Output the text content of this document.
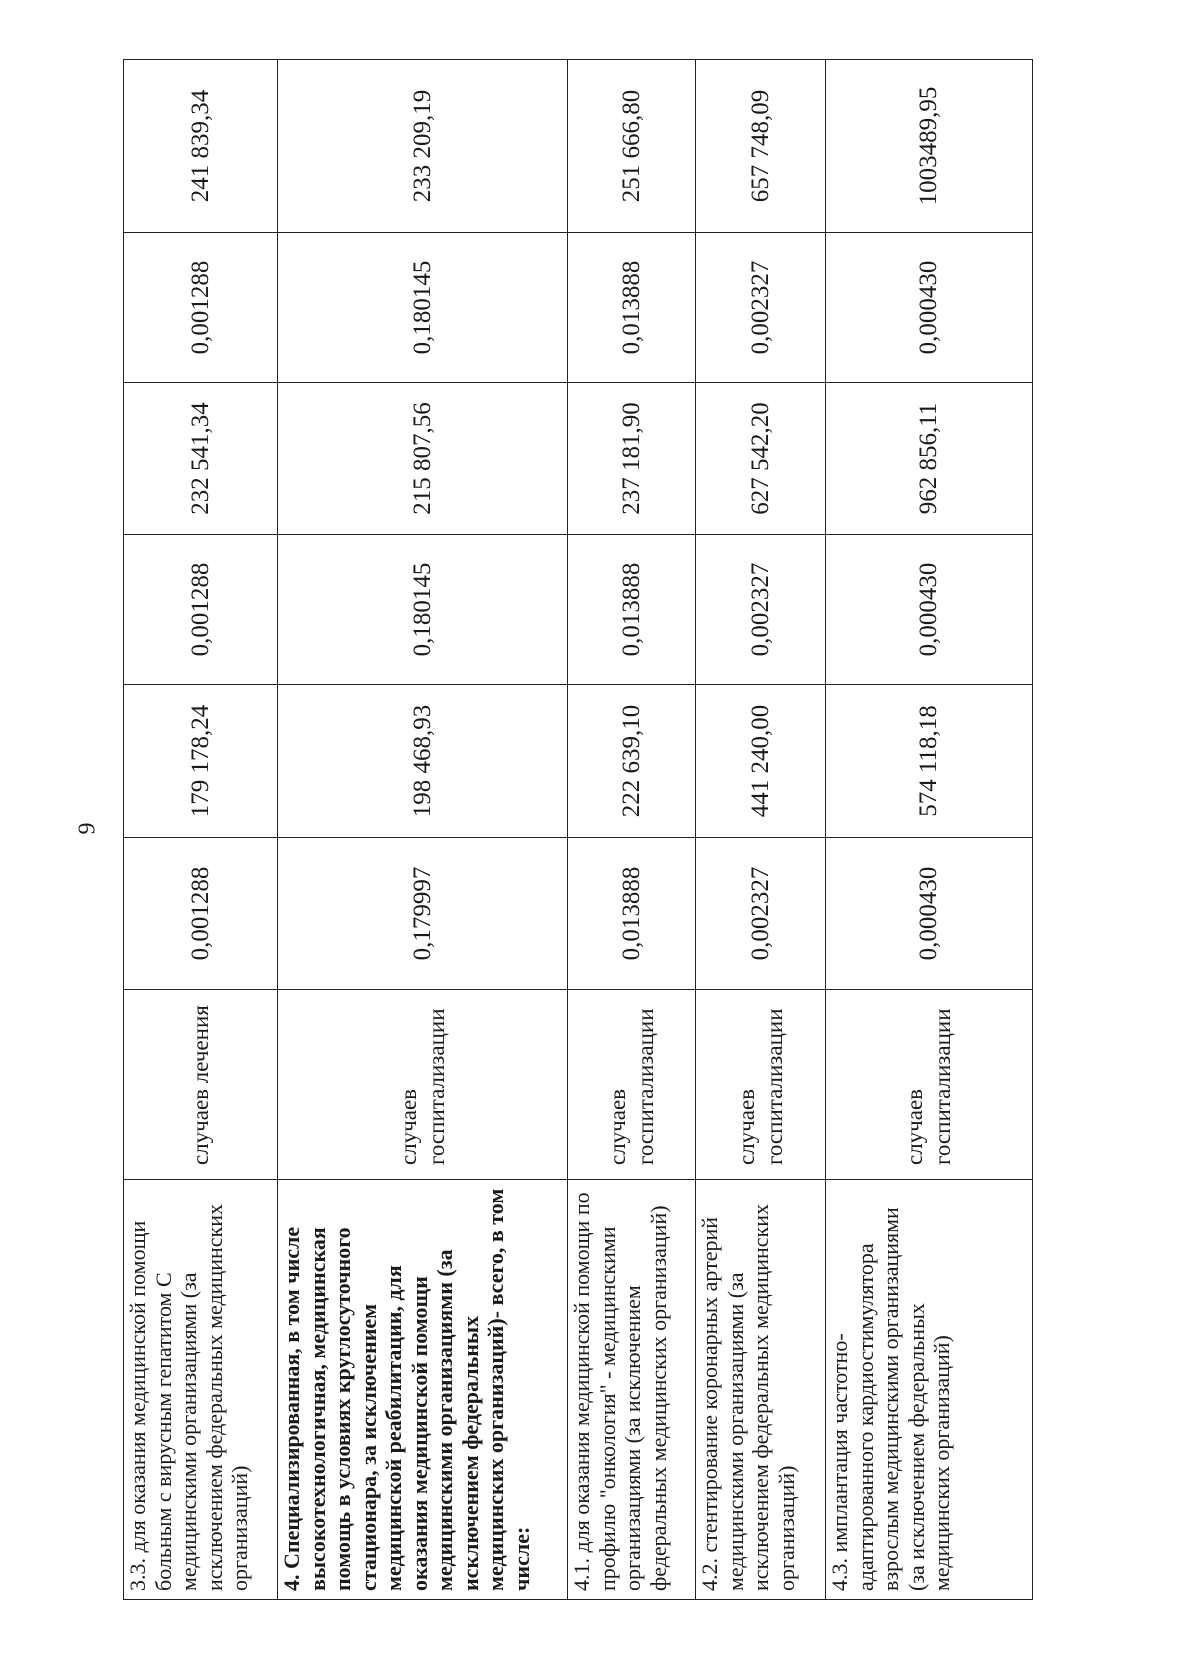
9
3.3. для оказания медицинской помощи больным с вирусным гепатитом С медицинскими организациями (за исключением федеральных медицинских организаций)	случаев лечения	0,001288	179 178,24	0,001288	232 541,34	0,001288	241 839,34
4. Специализированная, в том числе высокотехнологичная, медицинская помощь в условиях круглосуточного стационара, за исключением медицинской реабилитации, для оказания медицинской помощи медицинскими организациями (за исключением федеральных медицинских организаций)- всего, в том числе:	случаев госпитализации	0,179997	198 468,93	0,180145	215 807,56	0,180145	233 209,19
4.1. для оказания медицинской помощи по профилю "онкология" - медицинскими организациями (за исключением федеральных медицинских организаций)	случаев госпитализации	0,013888	222 639,10	0,013888	237 181,90	0,013888	251 666,80
4.2. стентирование коронарных артерий медицинскими организациями (за исключением федеральных медицинских организаций)	случаев госпитализации	0,002327	441 240,00	0,002327	627 542,20	0,002327	657 748,09
4.3. имплантация частотно-адаптированного кардиостимулятора взрослым медицинскими организациями (за исключением федеральных медицинских организаций)	случаев госпитализации	0,000430	574 118,18	0,000430	962 856,11	0,000430	1003489,95
